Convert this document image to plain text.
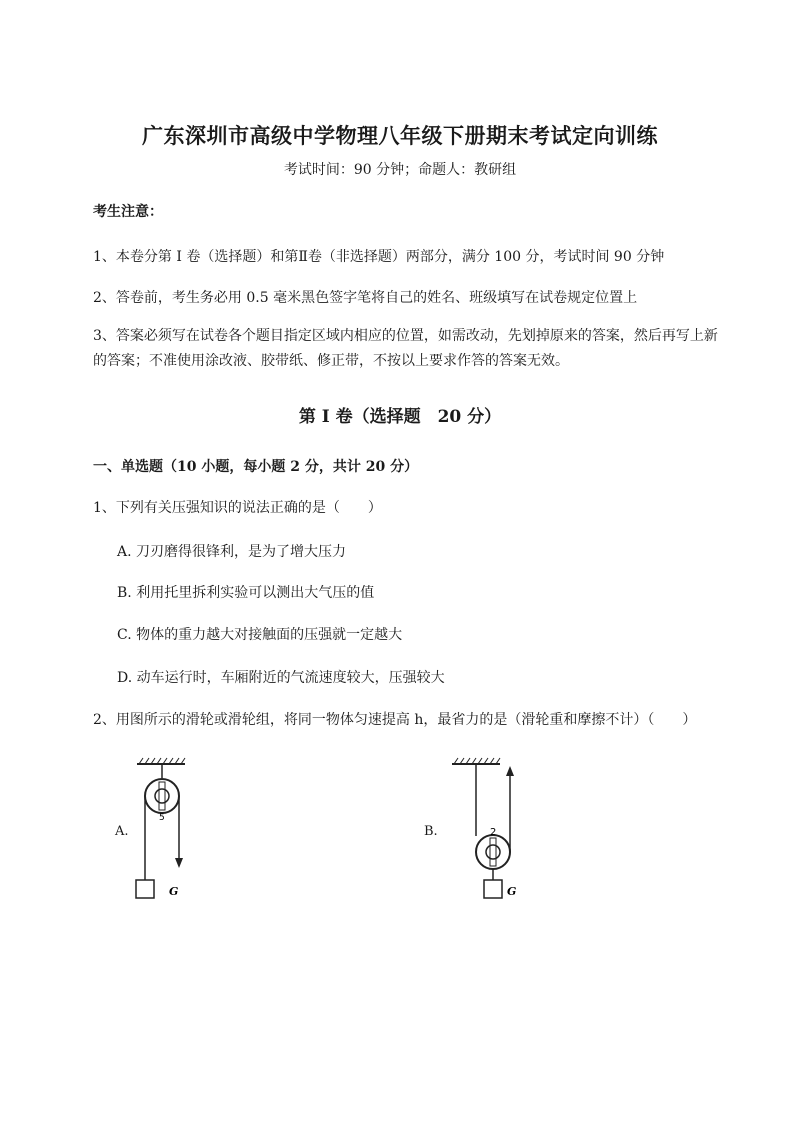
广东深圳市高级中学物理八年级下册期末考试定向训练
考试时间：90 分钟；命题人：教研组
考生注意：
1、本卷分第 I 卷（选择题）和第Ⅱ卷（非选择题）两部分，满分 100 分，考试时间 90 分钟
2、答卷前，考生务必用 0.5 毫米黑色签字笔将自己的姓名、班级填写在试卷规定位置上
3、答案必须写在试卷各个题目指定区域内相应的位置，如需改动，先划掉原来的答案，然后再写上新的答案；不准使用涂改液、胶带纸、修正带，不按以上要求作答的答案无效。
第 I 卷（选择题　20 分）
一、单选题（10 小题，每小题 2 分，共计 20 分）
1、下列有关压强知识的说法正确的是（　　）
A. 刀刃磨得很锋利，是为了增大压力
B. 利用托里拆利实验可以测出大气压的值
C. 物体的重力越大对接触面的压强就一定越大
D. 动车运行时，车厢附近的气流速度较大，压强较大
2、用图所示的滑轮或滑轮组，将同一物体匀速提高 h，最省力的是（滑轮重和摩擦不计）（　　）
A.
5
G
B.	2
G
